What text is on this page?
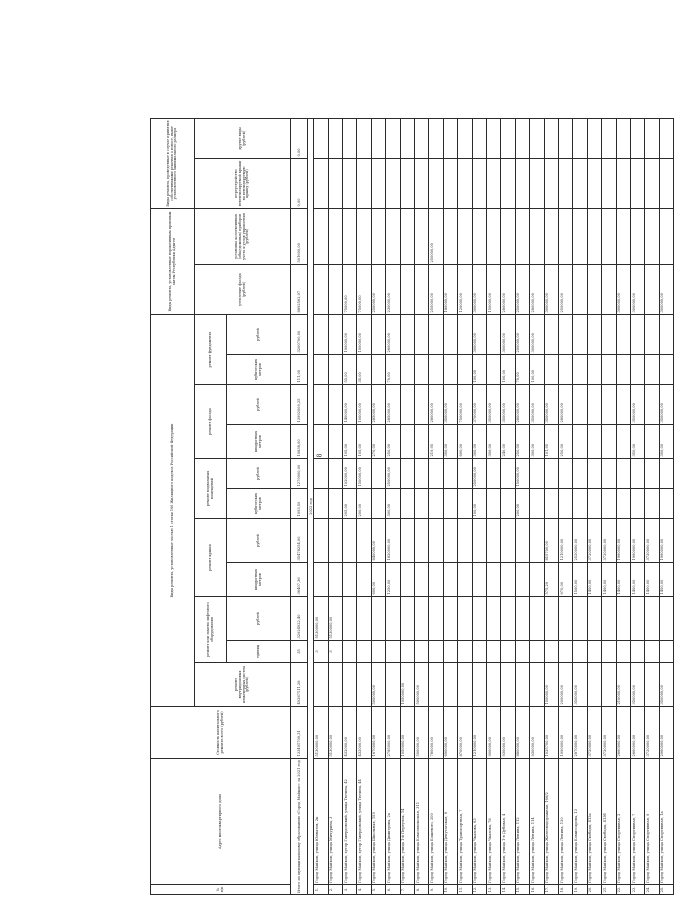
8
№ п/п	Адрес многоквартирного дома	Стоимость капитального ремонта всего (рублей)	Виды ремонта, установленные частью 1 статьи 166 Жилищного кодекса Российской Федерации											Виды ремонта, установленные нормативным правовым актом Республики Адыгея		Виды ремонта, проведенные в случае принятия собственниками решения о взносе, выше установленного минимального размера			
			ремонт внутридомовых инженерных систем (рублей)	ремонт или замена лифтового оборудования		ремонт крыши		ремонт подвальных помещений		ремонт фасада		ремонт фундамента		утепление фасада (рублей)	установка коллективных (общедомовых) приборов учета и узлов управления (рублей)	переустройство невентилируемой крыши на вентилируемую крышу (рублей)	другие виды (рублей)		
				единиц	рублей	квадратных метров	рублей	кубических метров	рублей	квадратных метров	рублей	кубических метров	рублей						
Итого по муниципальному образованию «Город Майкоп» за 2021 год		133491709,31	49287111,28	35	32924922,40	36407,36	35478254,00	1093,50	1279000,00	10838,00	13992009,25	111,00	3200700,00	8892562,07	501600,00	0,00	0,00		
2022 год																			
1.	Город Майкоп, улица Юннатов, 2к	5130000,00		3	5130000,00														
2.	Город Майкоп, улица Мичурина, 3	5130000,00		3	5130000,00														
3.	Город Майкоп, хутор Гавердовский, улица Тютина, 42	432000,00						205,00	102000,00	105,00	140000,00	55,00	190000,00	75000,00					
4.	Город Майкоп, хутор Гавердовский, улица Тютина, 44	432000,00						200,00	150000,00	105,00	100000,00	35,00	100000,00	75000,00					
5.	Город Майкоп, улица Школьная, 159	1670000,00	500000,00			600,00	840000,00			270,00	285000,00			250000,00					
6.	Город Майкоп, улица Димитрова, 2а	2785000,00				1250,00	1820000,00	300,00	250000,00	250,00	285000,00	70,00	260000,00	230000,00					
7.	Город Майкоп, улица 1-й Переулок, 14	1050000,00	1050000,00																
8.	Город Майкоп, улица Комсомольская, 311	500000,00	500000,00																
9.	Город Майкоп, улица Кошевого, 200	780000,00								219,95	280000,00			250000,00	250000,00				
10.	Город Майкоп, улица Депутатская, 6	690000,00								300,00	350000,00			180000,00					
11.	Город Майкоп, улица Транспортная, 7	870000,00								600,00	750000,00			120000,00					
12.	Город Майкоп, улица Чкалова, 63	1210000,00						100,00	250000,00	300,00	370000,00	100,00	300000,00	300000,00					
13.	Город Майкоп, улица Чкалова, 78	900000,00								300,00	350000,00			150000,00					
14.	Город Майкоп, улица 1-я Дубовая, 4	930000,00								240,00	350000,00	100,00	300000,00	280000,00					
15.	Город Майкоп, улица Ленина, 112	880000,00						200,00	150000,00	250,00	280000,00	70,00	200000,00	250000,00					
16.	Город Майкоп, улица Ленина, 114	930000,00								300,00	350000,00	100,00	300000,00	280000,00					
17.	Город Майкоп, улица Железнодорожная, 166/2	1025700,00	150000,00			575,29	815700,00			101,95	350000,00			300000,00					
18.	Город Майкоп, улица Ленина, 120	1990000,00	200000,00			670,00	1210000,00			250,00	280000,00			250000,00					
19.	Город Майкоп, улица Комиссарова, 13	2870000,00	350000,00			1500,00	2520000,00												
20.	Город Майкоп, улица Свободы, 413а	3720000,00				1400,00	3720000,00												
21.	Город Майкоп, улица Свободы, 413б	3720000,00				1400,00	3720000,00												
22.	Город Майкоп, улица Спортивная, 2	2660000,00	210000,00			1400,00	1960000,00							300000,00					
23.	Город Майкоп, улица Спортивная, 7	2660000,00	350000,00			1400,00	1960000,00			350,00	350000,00			300000,00					
24.	Город Майкоп, улица Спортивная, 9	3720000,00				1400,00	3720000,00												
25.	Город Майкоп, улица Спортивная, 1а	2960000,00	350000,00			1400,00	1960000,00			300,00	350000,00			300000,00					
